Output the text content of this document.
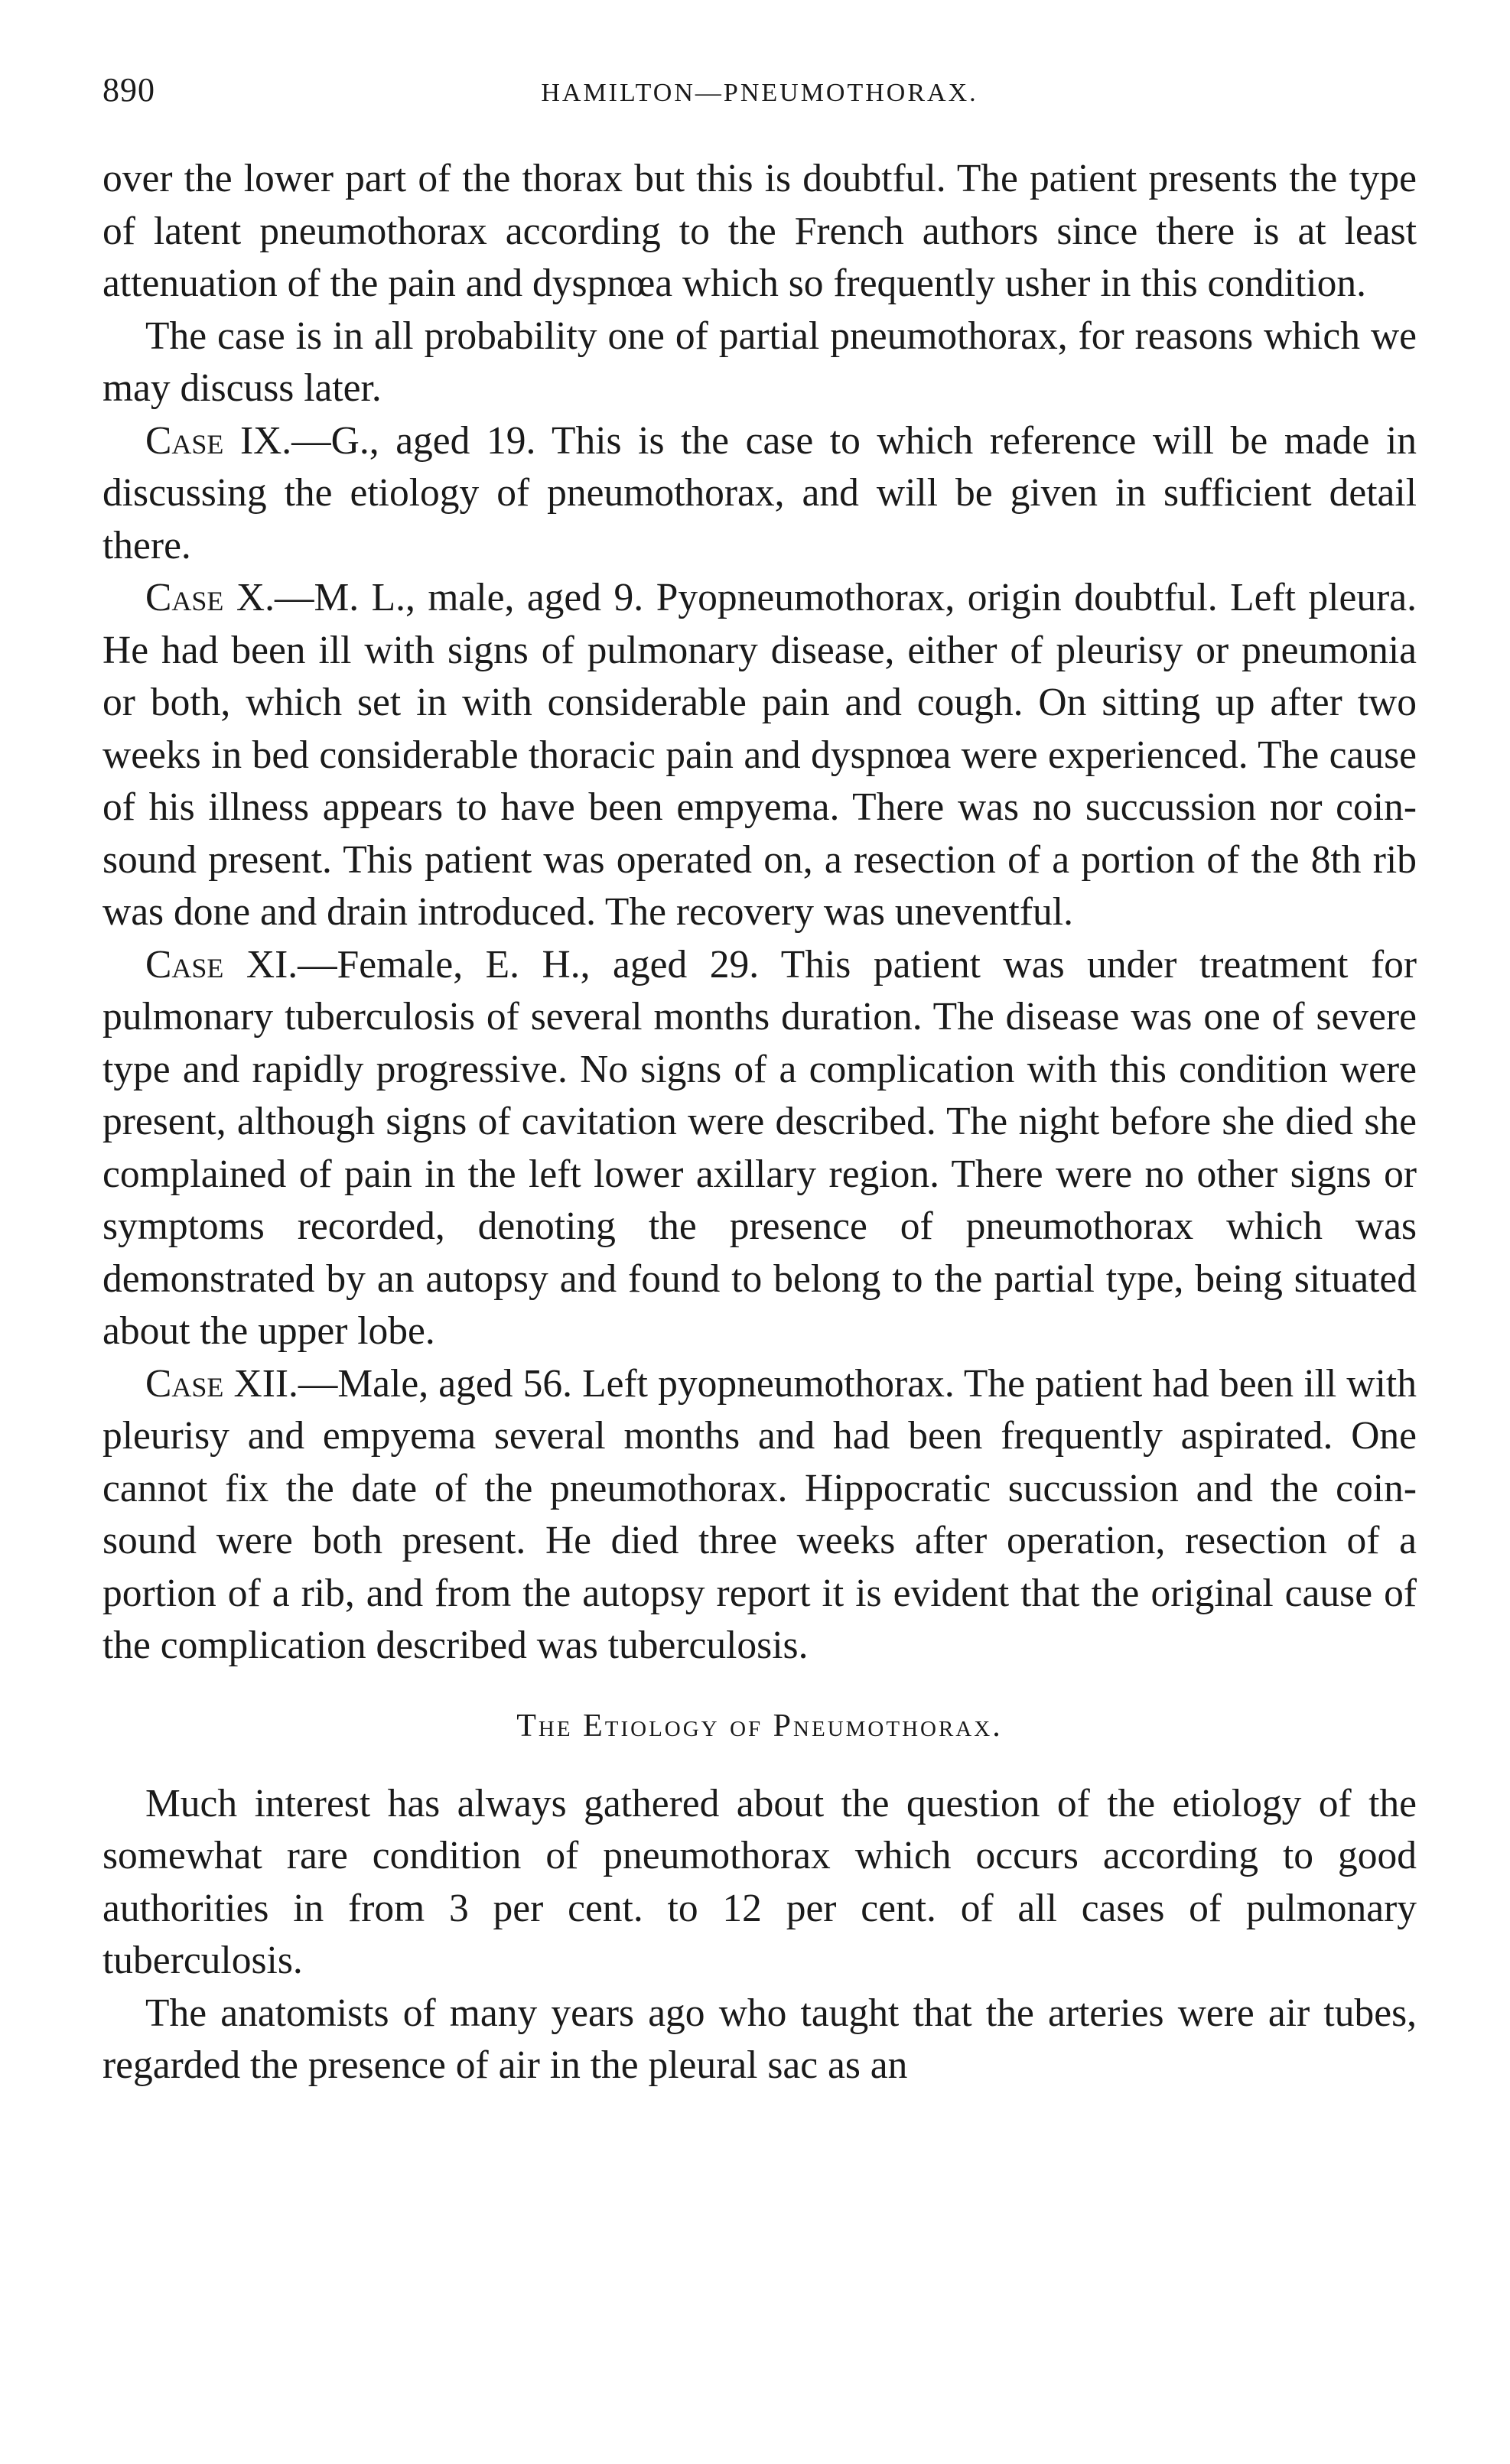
890	HAMILTON—PNEUMOTHORAX.

over the lower part of the thorax but this is doubtful. The patient presents the type of latent pneumothorax according to the French authors since there is at least attenuation of the pain and dyspnœa which so frequently usher in this condition.

The case is in all probability one of partial pneumothorax, for reasons which we may discuss later.

Case IX.—G., aged 19. This is the case to which reference will be made in discussing the etiology of pneumothorax, and will be given in sufficient detail there.

Case X.—M. L., male, aged 9. Pyopneumothorax, origin doubtful. Left pleura. He had been ill with signs of pulmonary disease, either of pleurisy or pneumonia or both, which set in with considerable pain and cough. On sitting up after two weeks in bed considerable thoracic pain and dyspnœa were experienced. The cause of his illness appears to have been empyema. There was no succussion nor coin-sound present. This patient was operated on, a resection of a portion of the 8th rib was done and drain introduced. The recovery was uneventful.

Case XI.—Female, E. H., aged 29. This patient was under treatment for pulmonary tuberculosis of several months duration. The disease was one of severe type and rapidly progressive. No signs of a complication with this condition were present, although signs of cavitation were described. The night before she died she complained of pain in the left lower axillary region. There were no other signs or symptoms recorded, denoting the presence of pneumothorax which was demonstrated by an autopsy and found to belong to the partial type, being situated about the upper lobe.

Case XII.—Male, aged 56. Left pyopneumothorax. The patient had been ill with pleurisy and empyema several months and had been frequently aspirated. One cannot fix the date of the pneumothorax. Hippocratic succussion and the coin-sound were both present. He died three weeks after operation, resection of a portion of a rib, and from the autopsy report it is evident that the original cause of the complication described was tuberculosis.

The Etiology of Pneumothorax.

Much interest has always gathered about the question of the etiology of the somewhat rare condition of pneumothorax which occurs according to good authorities in from 3 per cent. to 12 per cent. of all cases of pulmonary tuberculosis.

The anatomists of many years ago who taught that the arteries were air tubes, regarded the presence of air in the pleural sac as an
